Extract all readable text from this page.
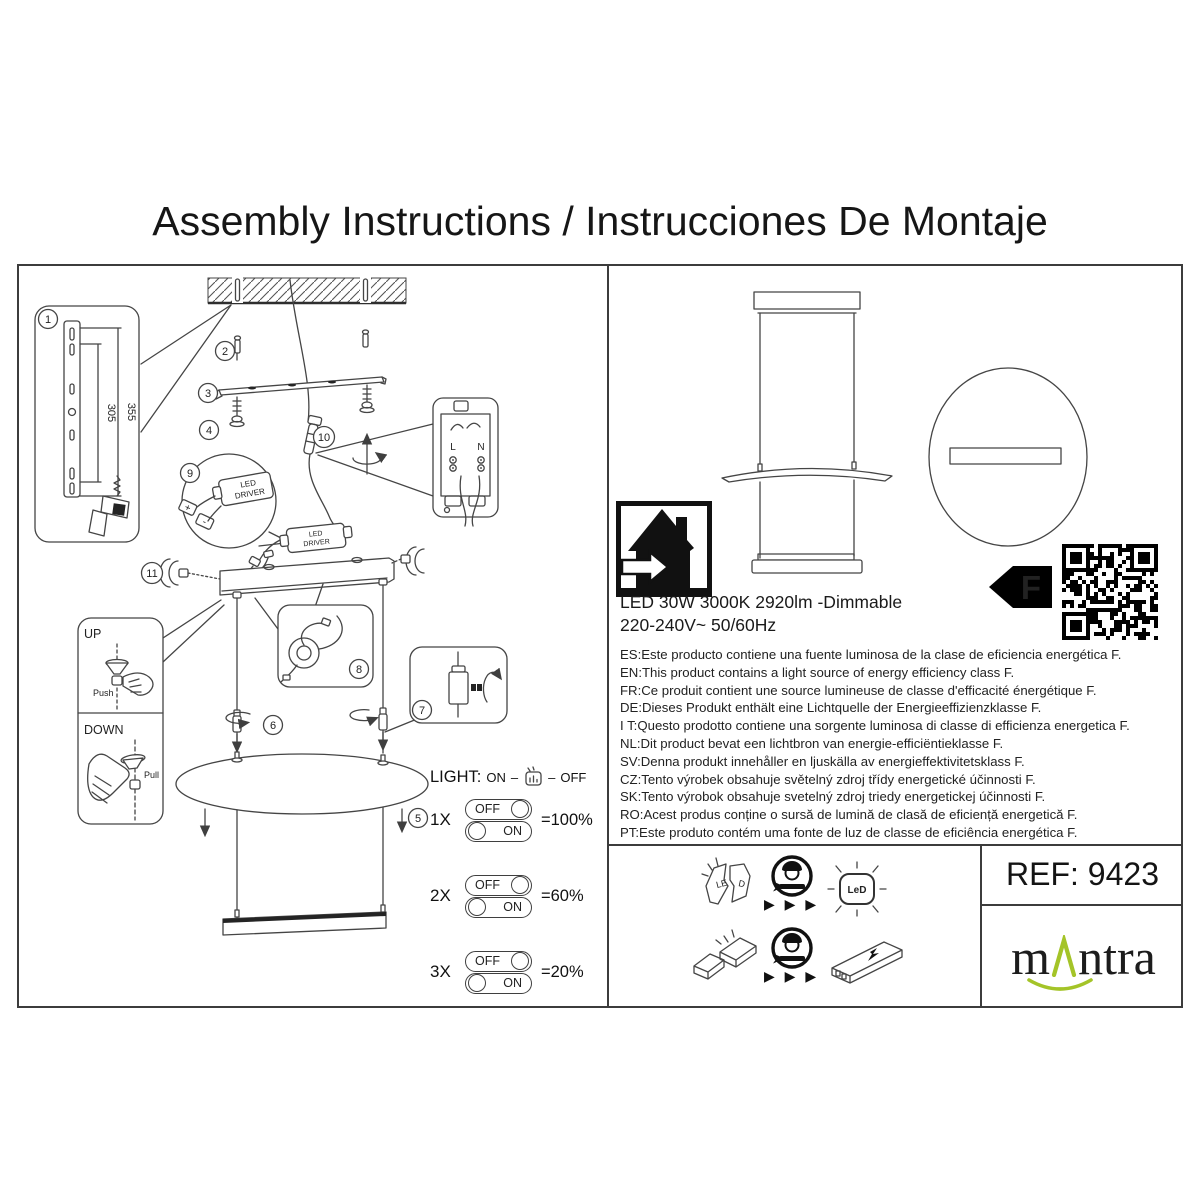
Assembly Instructions / Instrucciones De Montaje
355
305
LED
DRIVER
+
-
LED
DRIVER
UP
Push
DOWN
Pull
L N
1
2
3
4
5
6
7
8
9
10
11
LIGHT: ON – – OFF
1X
OFF
ON
=100%
2X
OFF
ON
=60%
3X
OFF
ON
=20%
LED 30W 3000K 2920lm -Dimmable
220-240V~ 50/60Hz
F
ES:Este producto contiene una fuente luminosa de la clase de eficiencia energética F.
EN:This product contains a light source of energy efficiency class F.
FR:Ce produit contient une source lumineuse de classe d'efficacité énergétique F.
DE:Dieses Produkt enthält eine Lichtquelle der Energieeffizienzklasse F.
I T:Questo prodotto contiene una sorgente luminosa di classe di efficienza energetica F.
NL:Dit product bevat een lichtbron van energie-efficiëntieklasse F.
SV:Denna produkt innehåller en ljuskälla av energieffektivitetsklass F.
CZ:Tento výrobek obsahuje světelný zdroj třídy energetické účinnosti F.
SK:Tento výrobok obsahuje svetelný zdroj triedy energetickej účinnosti F.
RO:Acest produs conține o sursă de lumină de clasă de eficiență energetică F.
PT:Este produto contém uma fonte de luz de classe de eficiência energética F.
LE D
▶ ▶ ▶
LeD
▶ ▶ ▶
REF: 9423
m ntra
